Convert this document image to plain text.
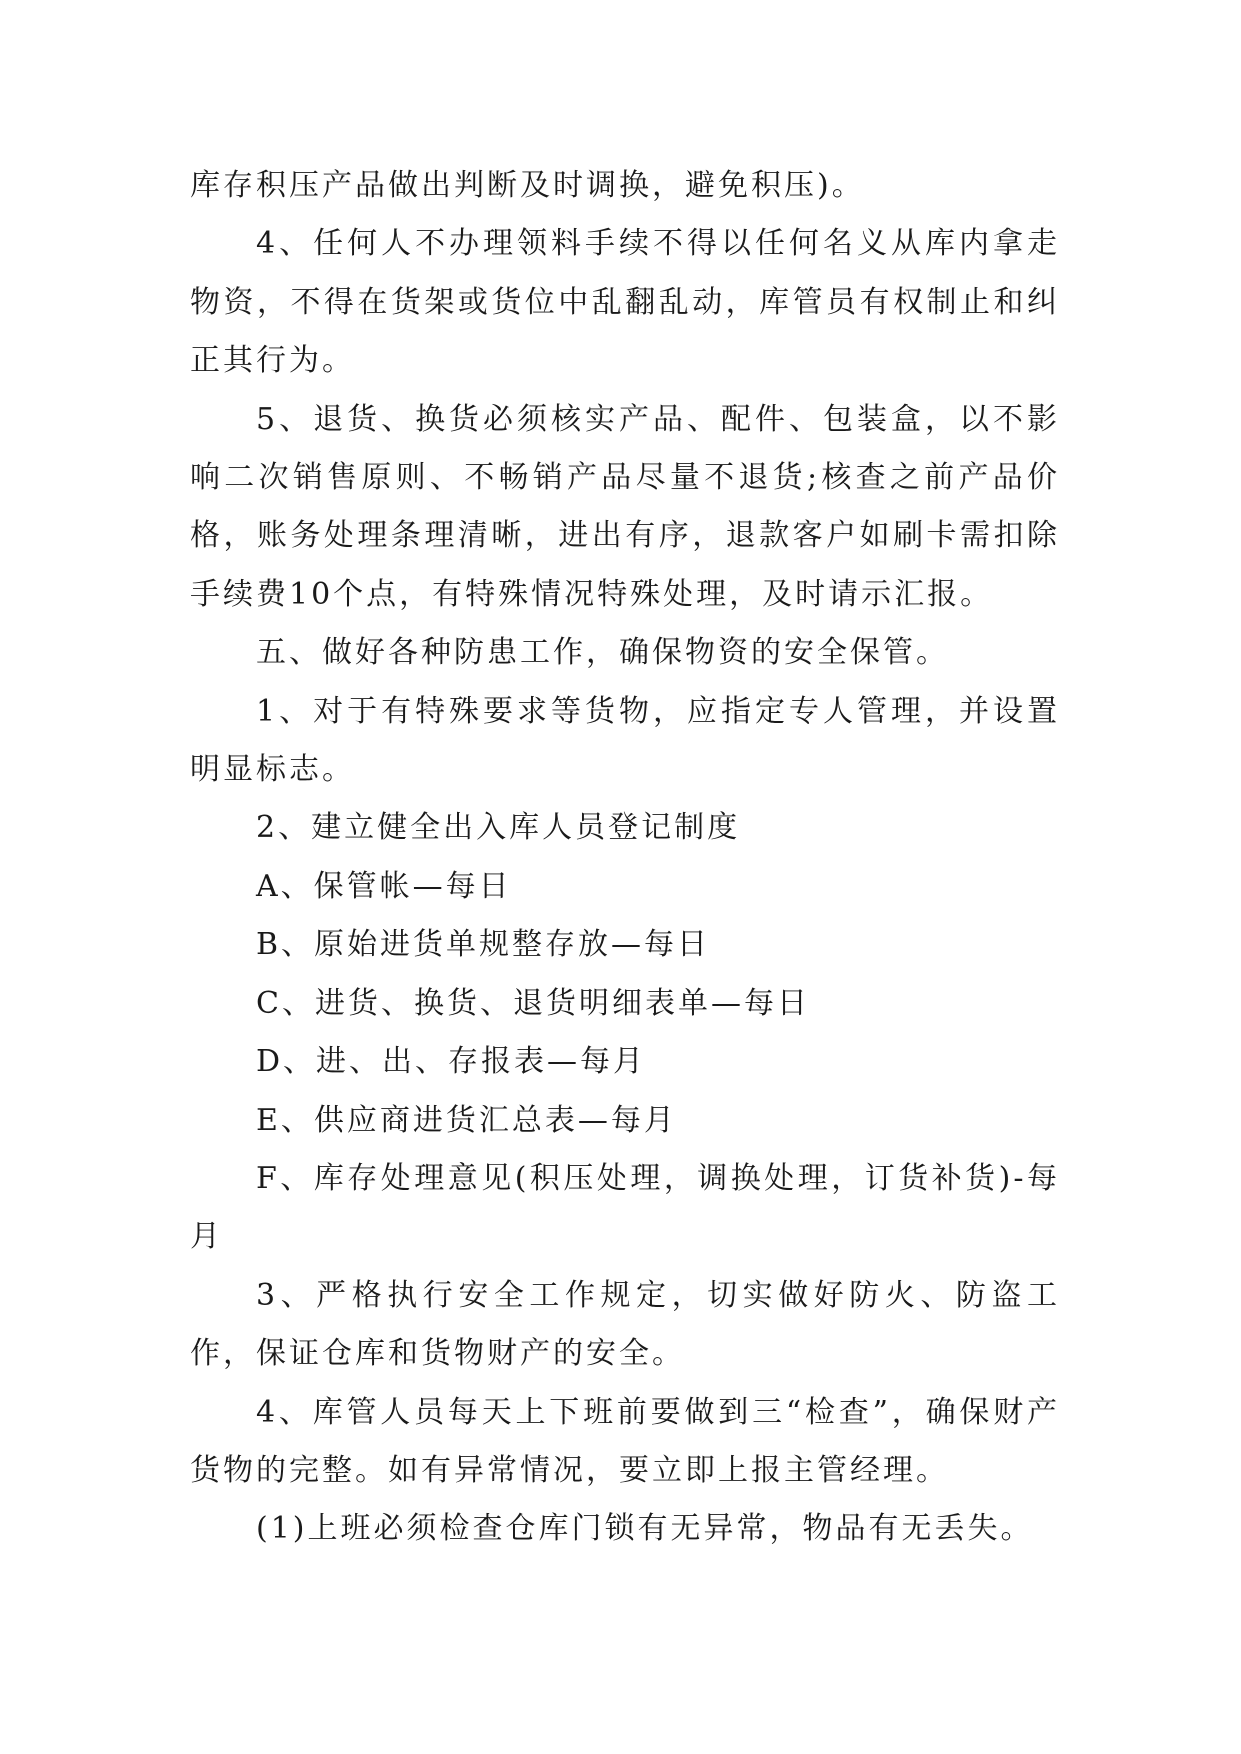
库存积压产品做出判断及时调换，避免积压)。

4、任何人不办理领料手续不得以任何名义从库内拿走物资，不得在货架或货位中乱翻乱动，库管员有权制止和纠正其行为。

5、退货、换货必须核实产品、配件、包装盒，以不影响二次销售原则、不畅销产品尽量不退货;核查之前产品价格，账务处理条理清晰，进出有序，退款客户如刷卡需扣除手续费10个点，有特殊情况特殊处理，及时请示汇报。

五、做好各种防患工作，确保物资的安全保管。

1、对于有特殊要求等货物，应指定专人管理，并设置明显标志。

2、建立健全出入库人员登记制度

A、保管帐—每日

B、原始进货单规整存放—每日

C、进货、换货、退货明细表单—每日

D、进、出、存报表—每月

E、供应商进货汇总表—每月

F、库存处理意见(积压处理，调换处理，订货补货)-每月

3、严格执行安全工作规定，切实做好防火、防盗工作，保证仓库和货物财产的安全。

4、库管人员每天上下班前要做到三“检查”，确保财产货物的完整。如有异常情况，要立即上报主管经理。

(1)上班必须检查仓库门锁有无异常，物品有无丢失。
